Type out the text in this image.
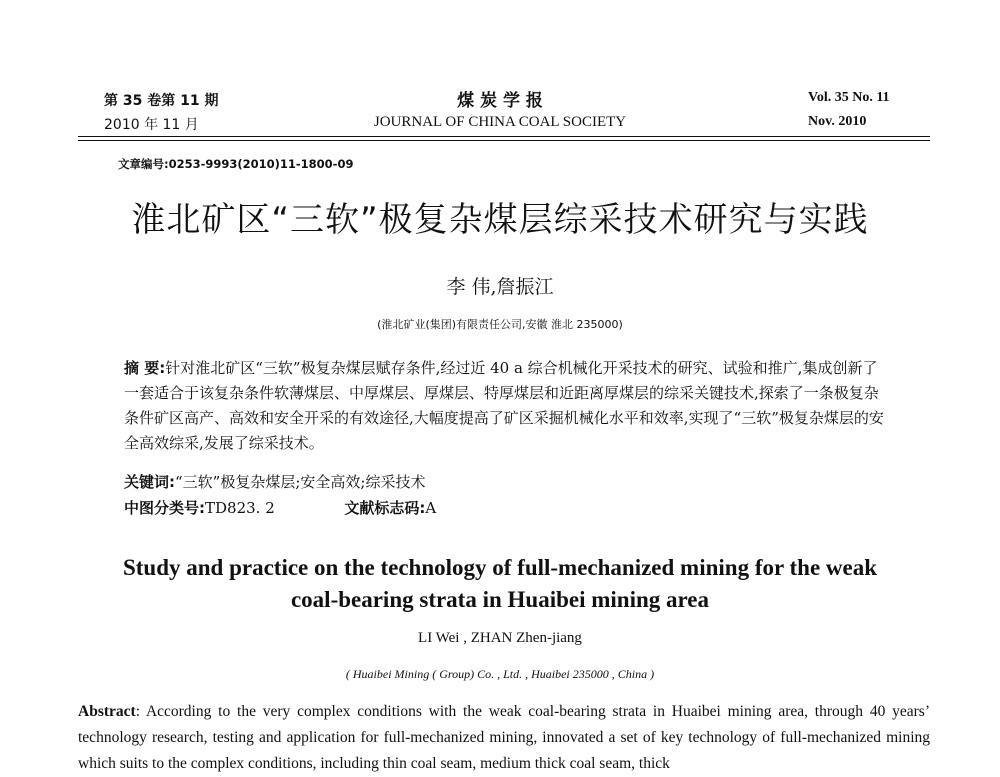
第 35 卷第 11 期
2010 年 11 月
煤 炭 学 报
JOURNAL OF CHINA COAL SOCIETY
Vol. 35 No. 11
Nov. 2010
文章编号:0253-9993(2010)11-1800-09
淮北矿区“三软”极复杂煤层综采技术研究与实践
李 伟,詹振江
(淮北矿业(集团)有限责任公司,安徽 淮北 235000)
摘 要:针对淮北矿区“三软”极复杂煤层赋存条件,经过近 40 a 综合机械化开采技术的研究、试验和推广,集成创新了一套适合于该复杂条件软薄煤层、中厚煤层、厚煤层、特厚煤层和近距离厚煤层的综采关键技术,探索了一条极复杂条件矿区高产、高效和安全开采的有效途径,大幅度提高了矿区采掘机械化水平和效率,实现了“三软”极复杂煤层的安全高效综采,发展了综采技术。
关键词:“三软”极复杂煤层;安全高效;综采技术
中图分类号:TD823. 2	文献标志码:A
Study and practice on the technology of full-mechanized mining for the weak coal-bearing strata in Huaibei mining area
LI Wei , ZHAN Zhen-jiang
( Huaibei Mining ( Group) Co. , Ltd. , Huaibei 235000 , China )
Abstract: According to the very complex conditions with the weak coal-bearing strata in Huaibei mining area, through 40 years’ technology research, testing and application for full-mechanized mining, innovated a set of key technology of full-mechanized mining which suits to the complex conditions, including thin coal seam, medium thick coal seam, thick
